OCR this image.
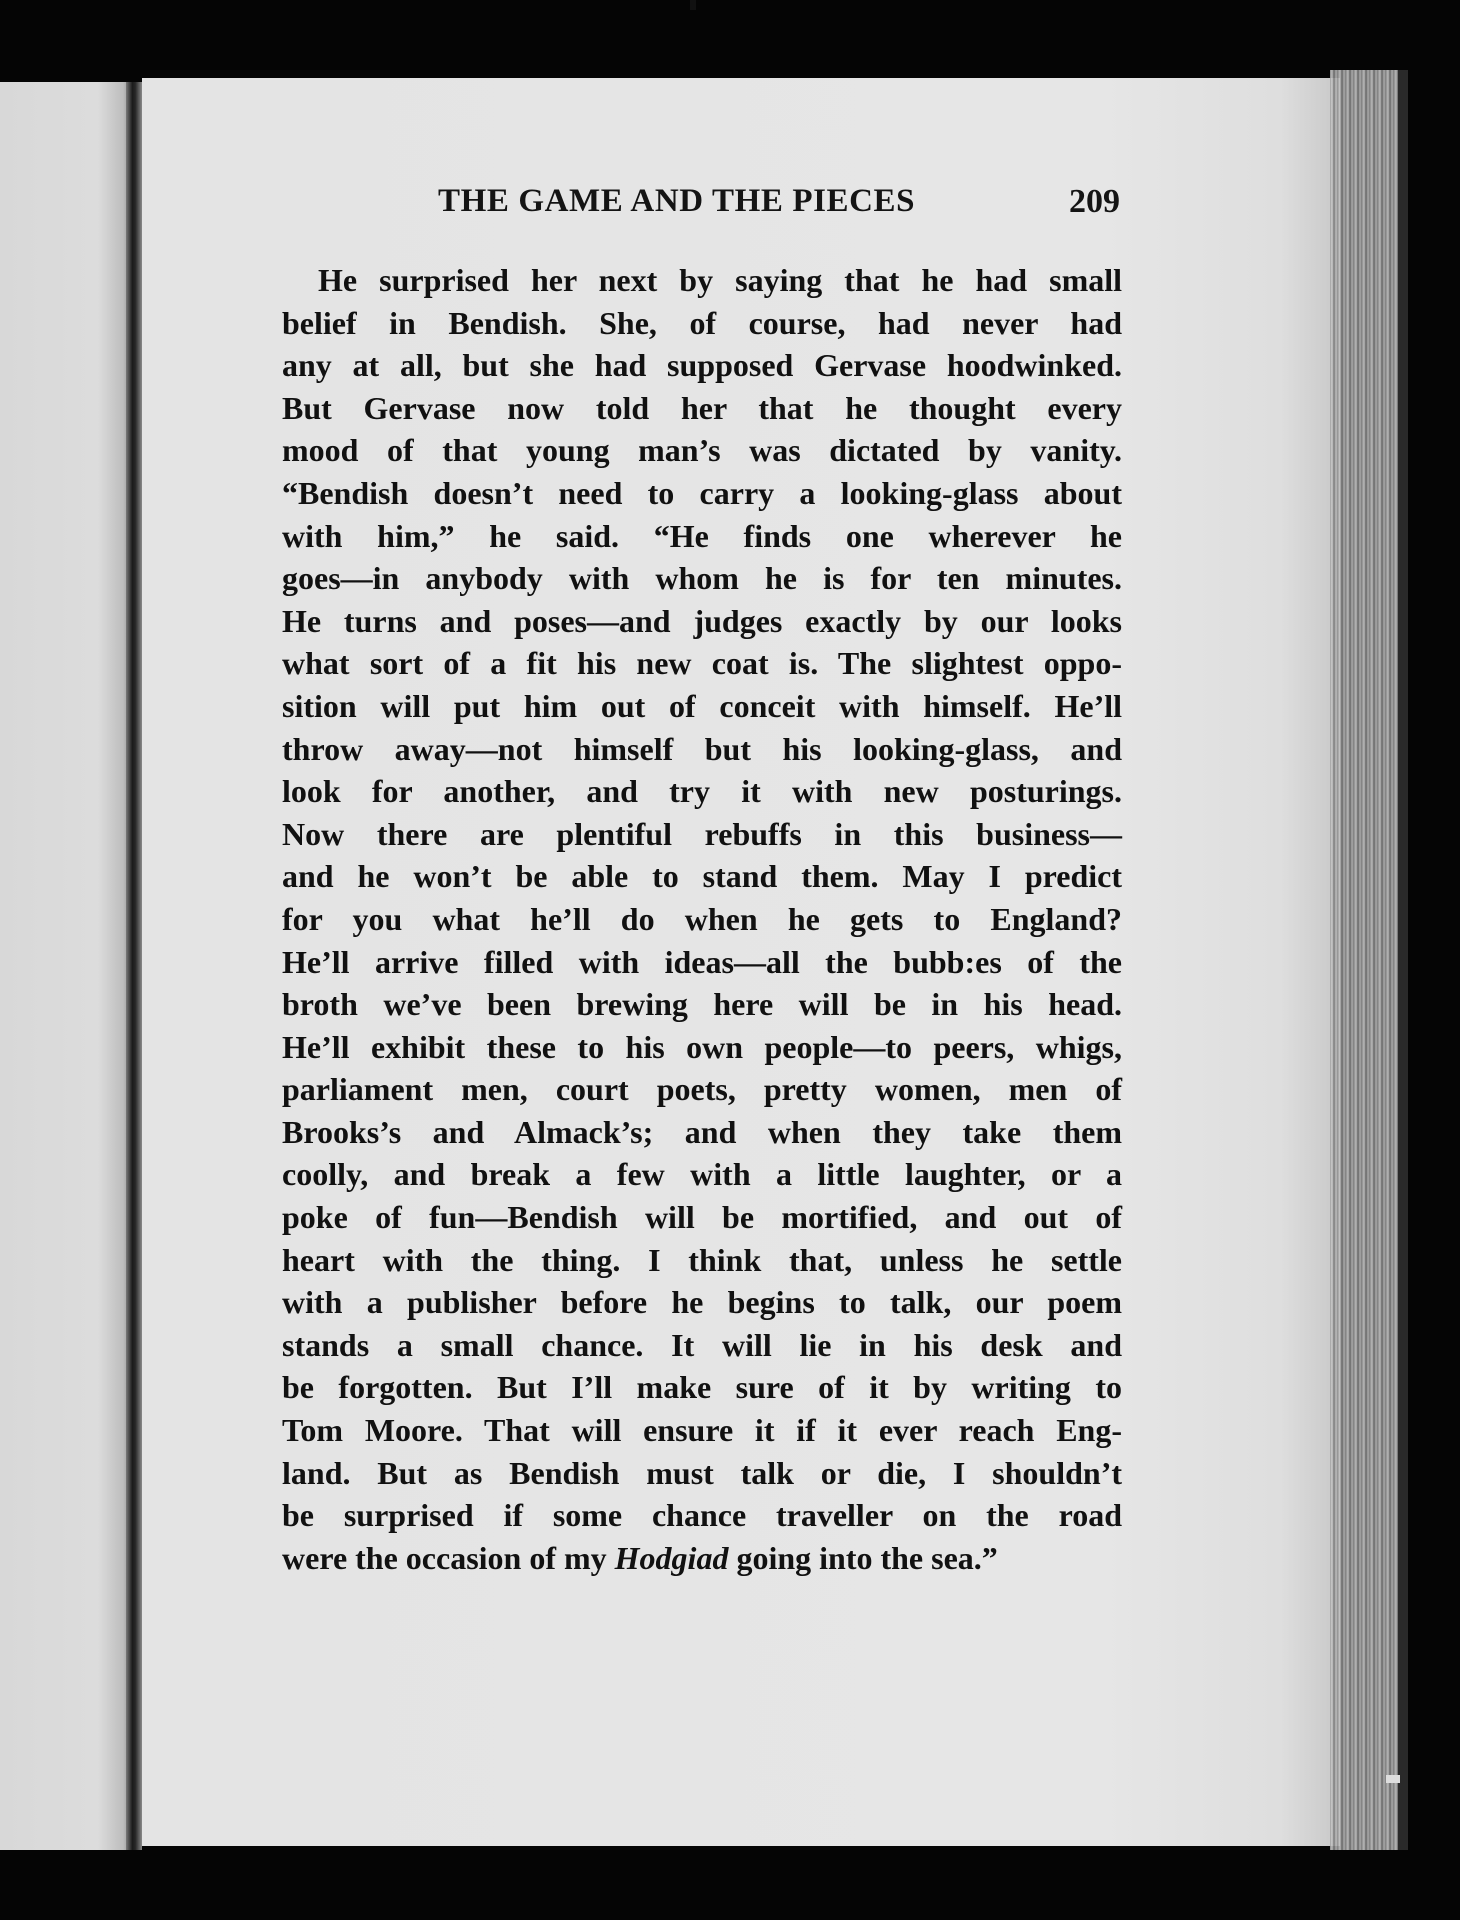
THE GAME AND THE PIECES	209
He surprised her next by saying that he had small
belief in Bendish. She, of course, had never had
any at all, but she had supposed Gervase hoodwinked.
But Gervase now told her that he thought every
mood of that young man’s was dictated by vanity.
“Bendish doesn’t need to carry a looking-glass about
with him,” he said. “He finds one wherever he
goes—in anybody with whom he is for ten minutes.
He turns and poses—and judges exactly by our looks
what sort of a fit his new coat is. The slightest oppo-
sition will put him out of conceit with himself. He’ll
throw away—not himself but his looking-glass, and
look for another, and try it with new posturings.
Now there are plentiful rebuffs in this business—
and he won’t be able to stand them. May I predict
for you what he’ll do when he gets to England?
He’ll arrive filled with ideas—all the bubb:es of the
broth we’ve been brewing here will be in his head.
He’ll exhibit these to his own people—to peers, whigs,
parliament men, court poets, pretty women, men of
Brooks’s and Almack’s; and when they take them
coolly, and break a few with a little laughter, or a
poke of fun—Bendish will be mortified, and out of
heart with the thing. I think that, unless he settle
with a publisher before he begins to talk, our poem
stands a small chance. It will lie in his desk and
be forgotten. But I’ll make sure of it by writing to
Tom Moore. That will ensure it if it ever reach Eng-
land. But as Bendish must talk or die, I shouldn’t
be surprised if some chance traveller on the road
were the occasion of my Hodgiad going into the sea.”
